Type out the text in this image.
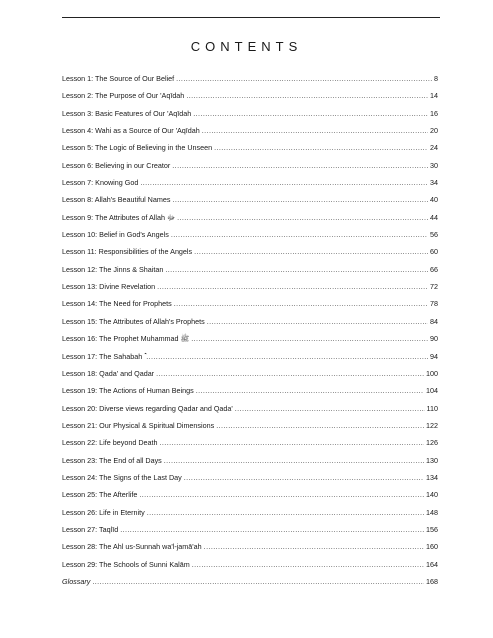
CONTENTS
Lesson 1: The Source of Our Belief .....	8
Lesson 2: The Purpose of Our 'Aqīdah .....	14
Lesson 3: Basic Features of Our 'Aqīdah .....	16
Lesson 4: Wahi as a Source of Our 'Aqīdah .....	20
Lesson 5: The Logic of Believing in the Unseen .....	24
Lesson 6: Believing in our Creator .....	30
Lesson 7: Knowing God .....	34
Lesson 8: Allah's Beautiful Names .....	40
Lesson 9: The Attributes of Allah ﷻ .....	44
Lesson 10: Belief in God's Angels .....	56
Lesson 11: Responsibilities of the Angels .....	60
Lesson 12: The Jinns & Shaitan .....	66
Lesson 13: Divine Revelation .....	72
Lesson 14: The Need for Prophets .....	78
Lesson 15: The Attributes of Allah's Prophets .....	84
Lesson 16: The Prophet Muhammad ﷺ .....	90
Lesson 17: The Sahabah ؓ .....	94
Lesson 18: Qada' and Qadar .....	100
Lesson 19: The Actions of Human Beings .....	104
Lesson 20: Diverse views regarding Qadar and Qada' .....	110
Lesson 21: Our Physical & Spiritual Dimensions .....	122
Lesson 22: Life beyond Death .....	126
Lesson 23: The End of all Days .....	130
Lesson 24: The Signs of the Last Day .....	134
Lesson 25: The Afterlife .....	140
Lesson 26: Life in Eternity .....	148
Lesson 27: Taqlīd .....	156
Lesson 28: The Ahl us-Sunnah wa'l-jamā'ah .....	160
Lesson 29: The Schools of Sunni Kalām .....	164
Glossary .....	168
